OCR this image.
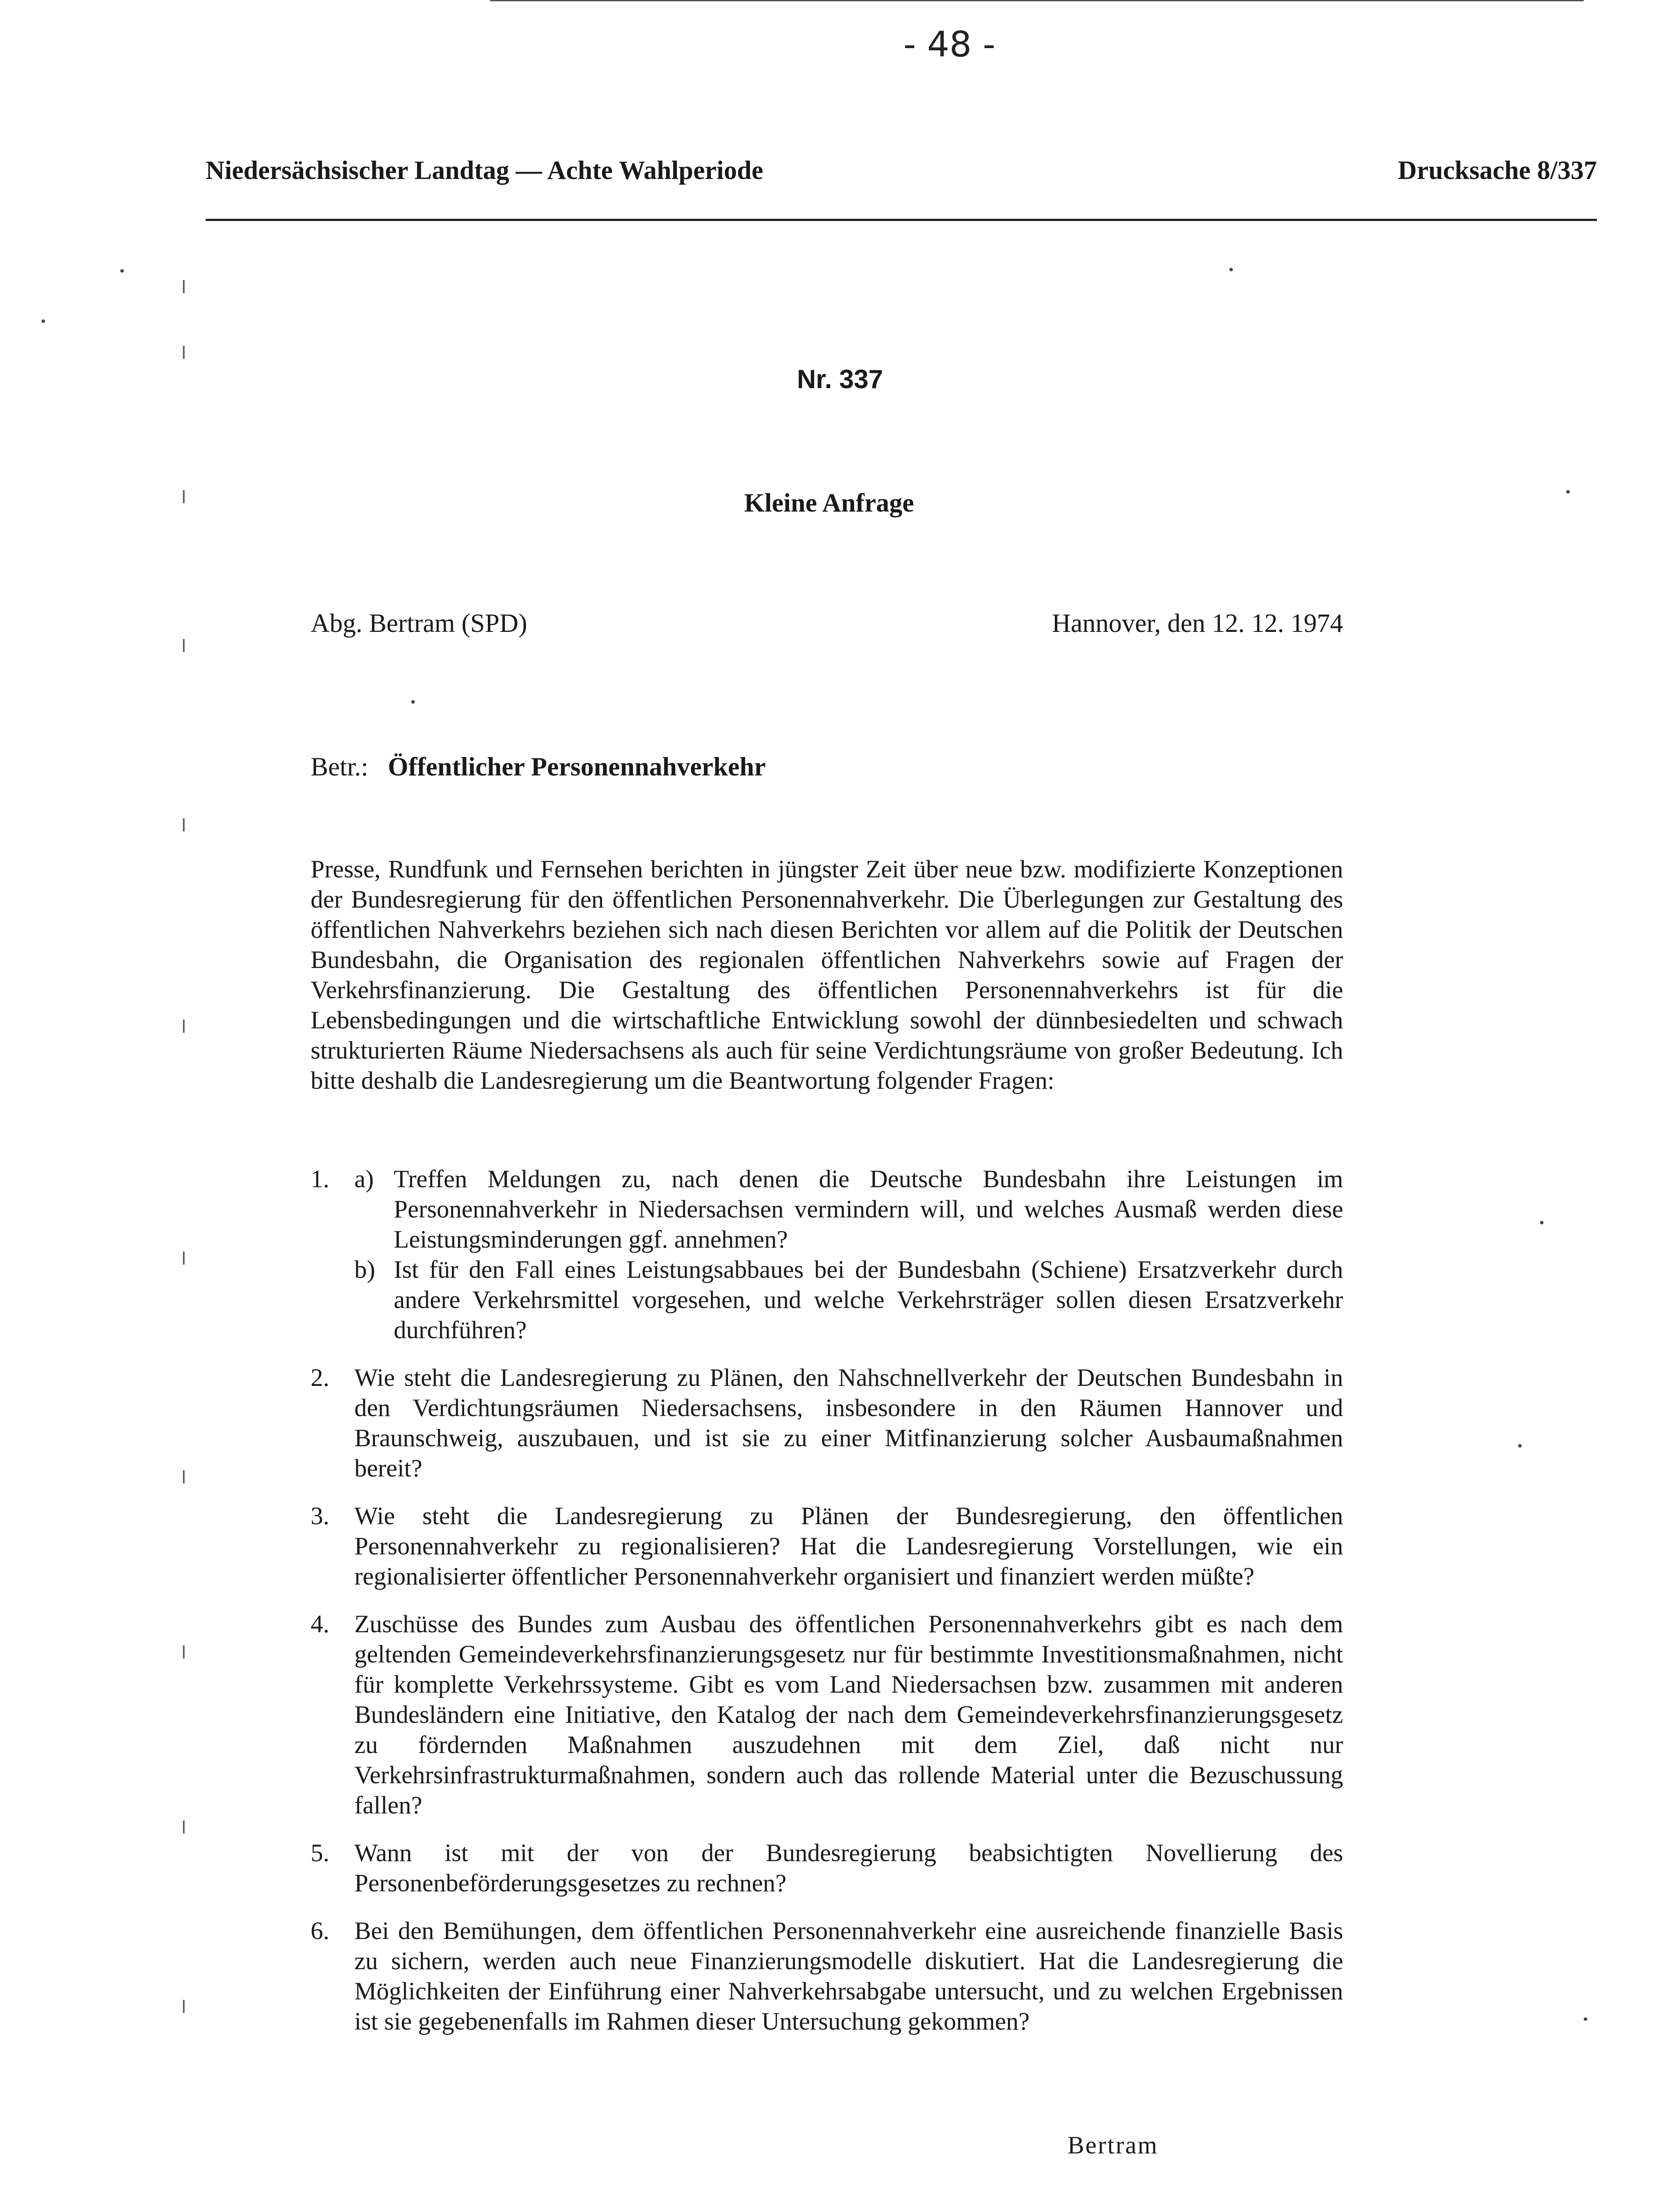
- 48 -
Niedersächsischer Landtag — Achte Wahlperiode	Drucksache 8/337
Nr. 337
Kleine Anfrage
Abg. Bertram (SPD)	Hannover, den 12. 12. 1974
Betr.: Öffentlicher Personennahverkehr
Presse, Rundfunk und Fernsehen berichten in jüngster Zeit über neue bzw. modifizierte Konzeptionen der Bundesregierung für den öffentlichen Personennahverkehr. Die Überlegungen zur Gestaltung des öffentlichen Nahverkehrs beziehen sich nach diesen Berichten vor allem auf die Politik der Deutschen Bundesbahn, die Organisation des regionalen öffentlichen Nahverkehrs sowie auf Fragen der Verkehrsfinanzierung. Die Gestaltung des öffentlichen Personennahverkehrs ist für die Lebensbedingungen und die wirtschaftliche Entwicklung sowohl der dünnbesiedelten und schwach strukturierten Räume Niedersachsens als auch für seine Verdichtungsräume von großer Bedeutung. Ich bitte deshalb die Landesregierung um die Beantwortung folgender Fragen:
1. a) Treffen Meldungen zu, nach denen die Deutsche Bundesbahn ihre Leistungen im Personennahverkehr in Niedersachsen vermindern will, und welches Ausmaß werden diese Leistungsminderungen ggf. annehmen?
b) Ist für den Fall eines Leistungsabbaues bei der Bundesbahn (Schiene) Ersatzverkehr durch andere Verkehrsmittel vorgesehen, und welche Verkehrsträger sollen diesen Ersatzverkehr durchführen?
2. Wie steht die Landesregierung zu Plänen, den Nahschnellverkehr der Deutschen Bundesbahn in den Verdichtungsräumen Niedersachsens, insbesondere in den Räumen Hannover und Braunschweig, auszubauen, und ist sie zu einer Mitfinanzierung solcher Ausbaumaßnahmen bereit?
3. Wie steht die Landesregierung zu Plänen der Bundesregierung, den öffentlichen Personennahverkehr zu regionalisieren? Hat die Landesregierung Vorstellungen, wie ein regionalisierter öffentlicher Personennahverkehr organisiert und finanziert werden müßte?
4. Zuschüsse des Bundes zum Ausbau des öffentlichen Personennahverkehrs gibt es nach dem geltenden Gemeindeverkehrsfinanzierungsgesetz nur für bestimmte Investitionsmaßnahmen, nicht für komplette Verkehrssysteme. Gibt es vom Land Niedersachsen bzw. zusammen mit anderen Bundesländern eine Initiative, den Katalog der nach dem Gemeindeverkehrsfinanzierungsgesetz zu fördernden Maßnahmen auszudehnen mit dem Ziel, daß nicht nur Verkehrsinfrastrukturmaßnahmen, sondern auch das rollende Material unter die Bezuschussung fallen?
5. Wann ist mit der von der Bundesregierung beabsichtigten Novellierung des Personenbeförderungsgesetzes zu rechnen?
6. Bei den Bemühungen, dem öffentlichen Personennahverkehr eine ausreichende finanzielle Basis zu sichern, werden auch neue Finanzierungsmodelle diskutiert. Hat die Landesregierung die Möglichkeiten der Einführung einer Nahverkehrsabgabe untersucht, und zu welchen Ergebnissen ist sie gegebenenfalls im Rahmen dieser Untersuchung gekommen?
Bertram
